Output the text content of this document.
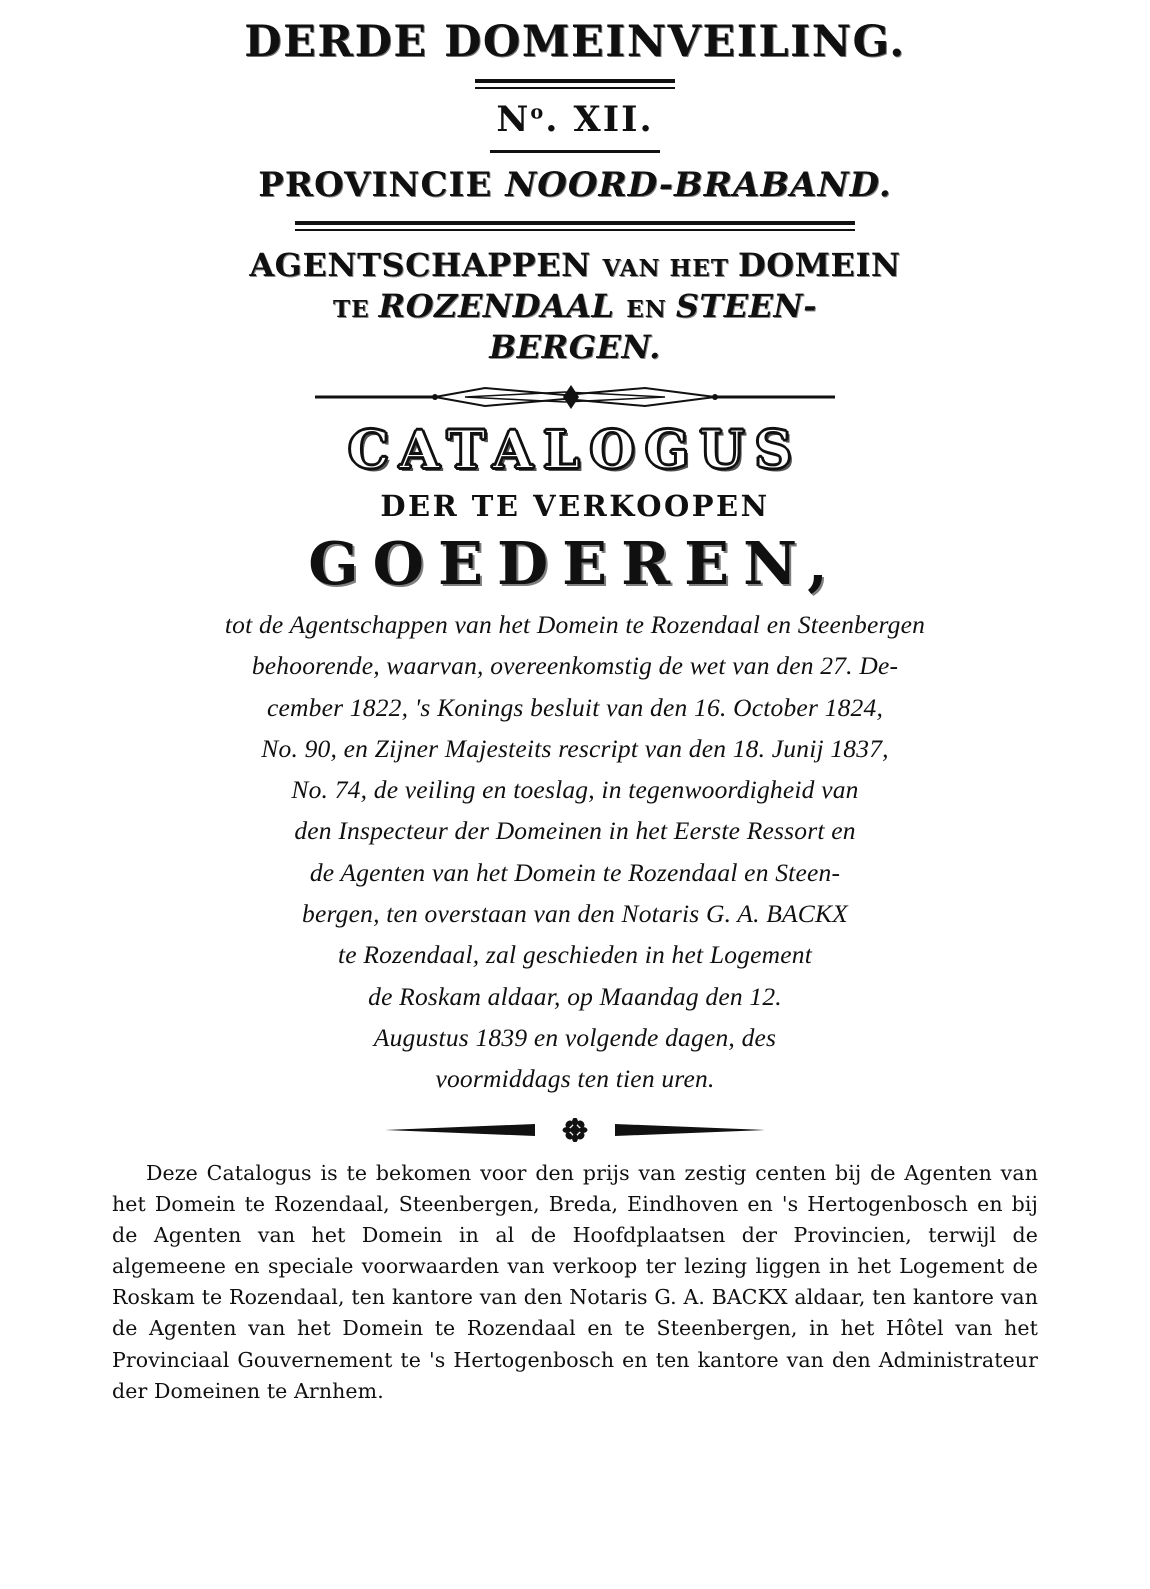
DERDE DOMEINVEILING.
$N^o$. XII.
PROVINCIE NOORD-BRABAND.
AGENTSCHAPPEN VAN HET DOMEIN
TE ROZENDAAL EN STEEN-
BERGEN.
CATALOGUS
DER TE VERKOOPEN
GOEDEREN,
tot de Agentschappen van het Domein te Rozendaal en Steenbergen
behoorende, waarvan, overeenkomstig de wet van den 27. De-
cember 1822, 's Konings besluit van den 16. October 1824,
No. 90, en Zijner Majesteits rescript van den 18. Junij 1837,
No. 74, de veiling en toeslag, in tegenwoordigheid van
den Inspecteur der Domeinen in het Eerste Ressort en
de Agenten van het Domein te Rozendaal en Steen-
bergen, ten overstaan van den Notaris G. A. BACKX
te Rozendaal, zal geschieden in het Logement
de Roskam aldaar, op Maandag den 12.
Augustus 1839 en volgende dagen, des
voormiddags ten tien uren.
Deze Catalogus is te bekomen voor den prijs van zestig centen bij de Agenten van het Domein te Rozendaal, Steenbergen, Breda, Eindhoven en 's Hertogenbosch en bij de Agenten van het Domein in al de Hoofdplaatsen der Provincien, terwijl de algemeene en speciale voorwaarden van verkoop ter lezing liggen in het Logement de Roskam te Rozendaal, ten kantore van den Notaris G. A. BACKX aldaar, ten kantore van de Agenten van het Domein te Rozendaal en te Steenbergen, in het Hôtel van het Provinciaal Gouvernement te 's Hertogenbosch en ten kantore van den Administrateur der Domeinen te Arnhem.
